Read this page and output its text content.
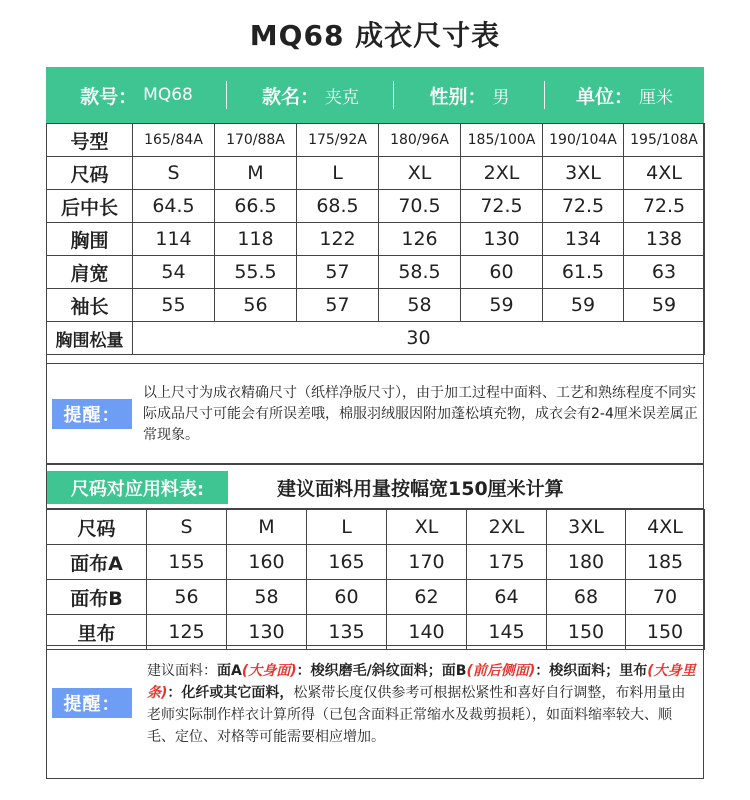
MQ68 成衣尺寸表
款号： MQ68	款名： 夹克	性别： 男	单位： 厘米
号型	165/84A	170/88A	175/92A	180/96A	185/100A	190/104A	195/108A
尺码	S	M	L	XL	2XL	3XL	4XL
后中长	64.5	66.5	68.5	70.5	72.5	72.5	72.5
胸围	114	118	122	126	130	134	138
肩宽	54	55.5	57	58.5	60	61.5	63
袖长	55	56	57	58	59	59	59
胸围松量	30						
提醒：
以上尺寸为成衣精确尺寸（纸样净版尺寸），由于加工过程中面料、工艺和熟练程度不同实际成品尺寸可能会有所误差哦，棉服羽绒服因附加蓬松填充物，成衣会有2-4厘米误差属正常现象。
尺码对应用料表:	建议面料用量按幅宽150厘米计算
尺码	S	M	L	XL	2XL	3XL	4XL
面布A	155	160	165	170	175	180	185
面布B	56	58	60	62	64	68	70
里布	125	130	135	140	145	150	150
提醒：
建议面料：面A(大身面)：梭织磨毛/斜纹面料；面B(前后侧面)：梭织面料；里布(大身里条)：化纤或其它面料，松紧带长度仅供参考可根据松紧性和喜好自行调整，布料用量由老师实际制作样衣计算所得（已包含面料正常缩水及裁剪损耗），如面料缩率较大、顺毛、定位、对格等可能需要相应增加。
